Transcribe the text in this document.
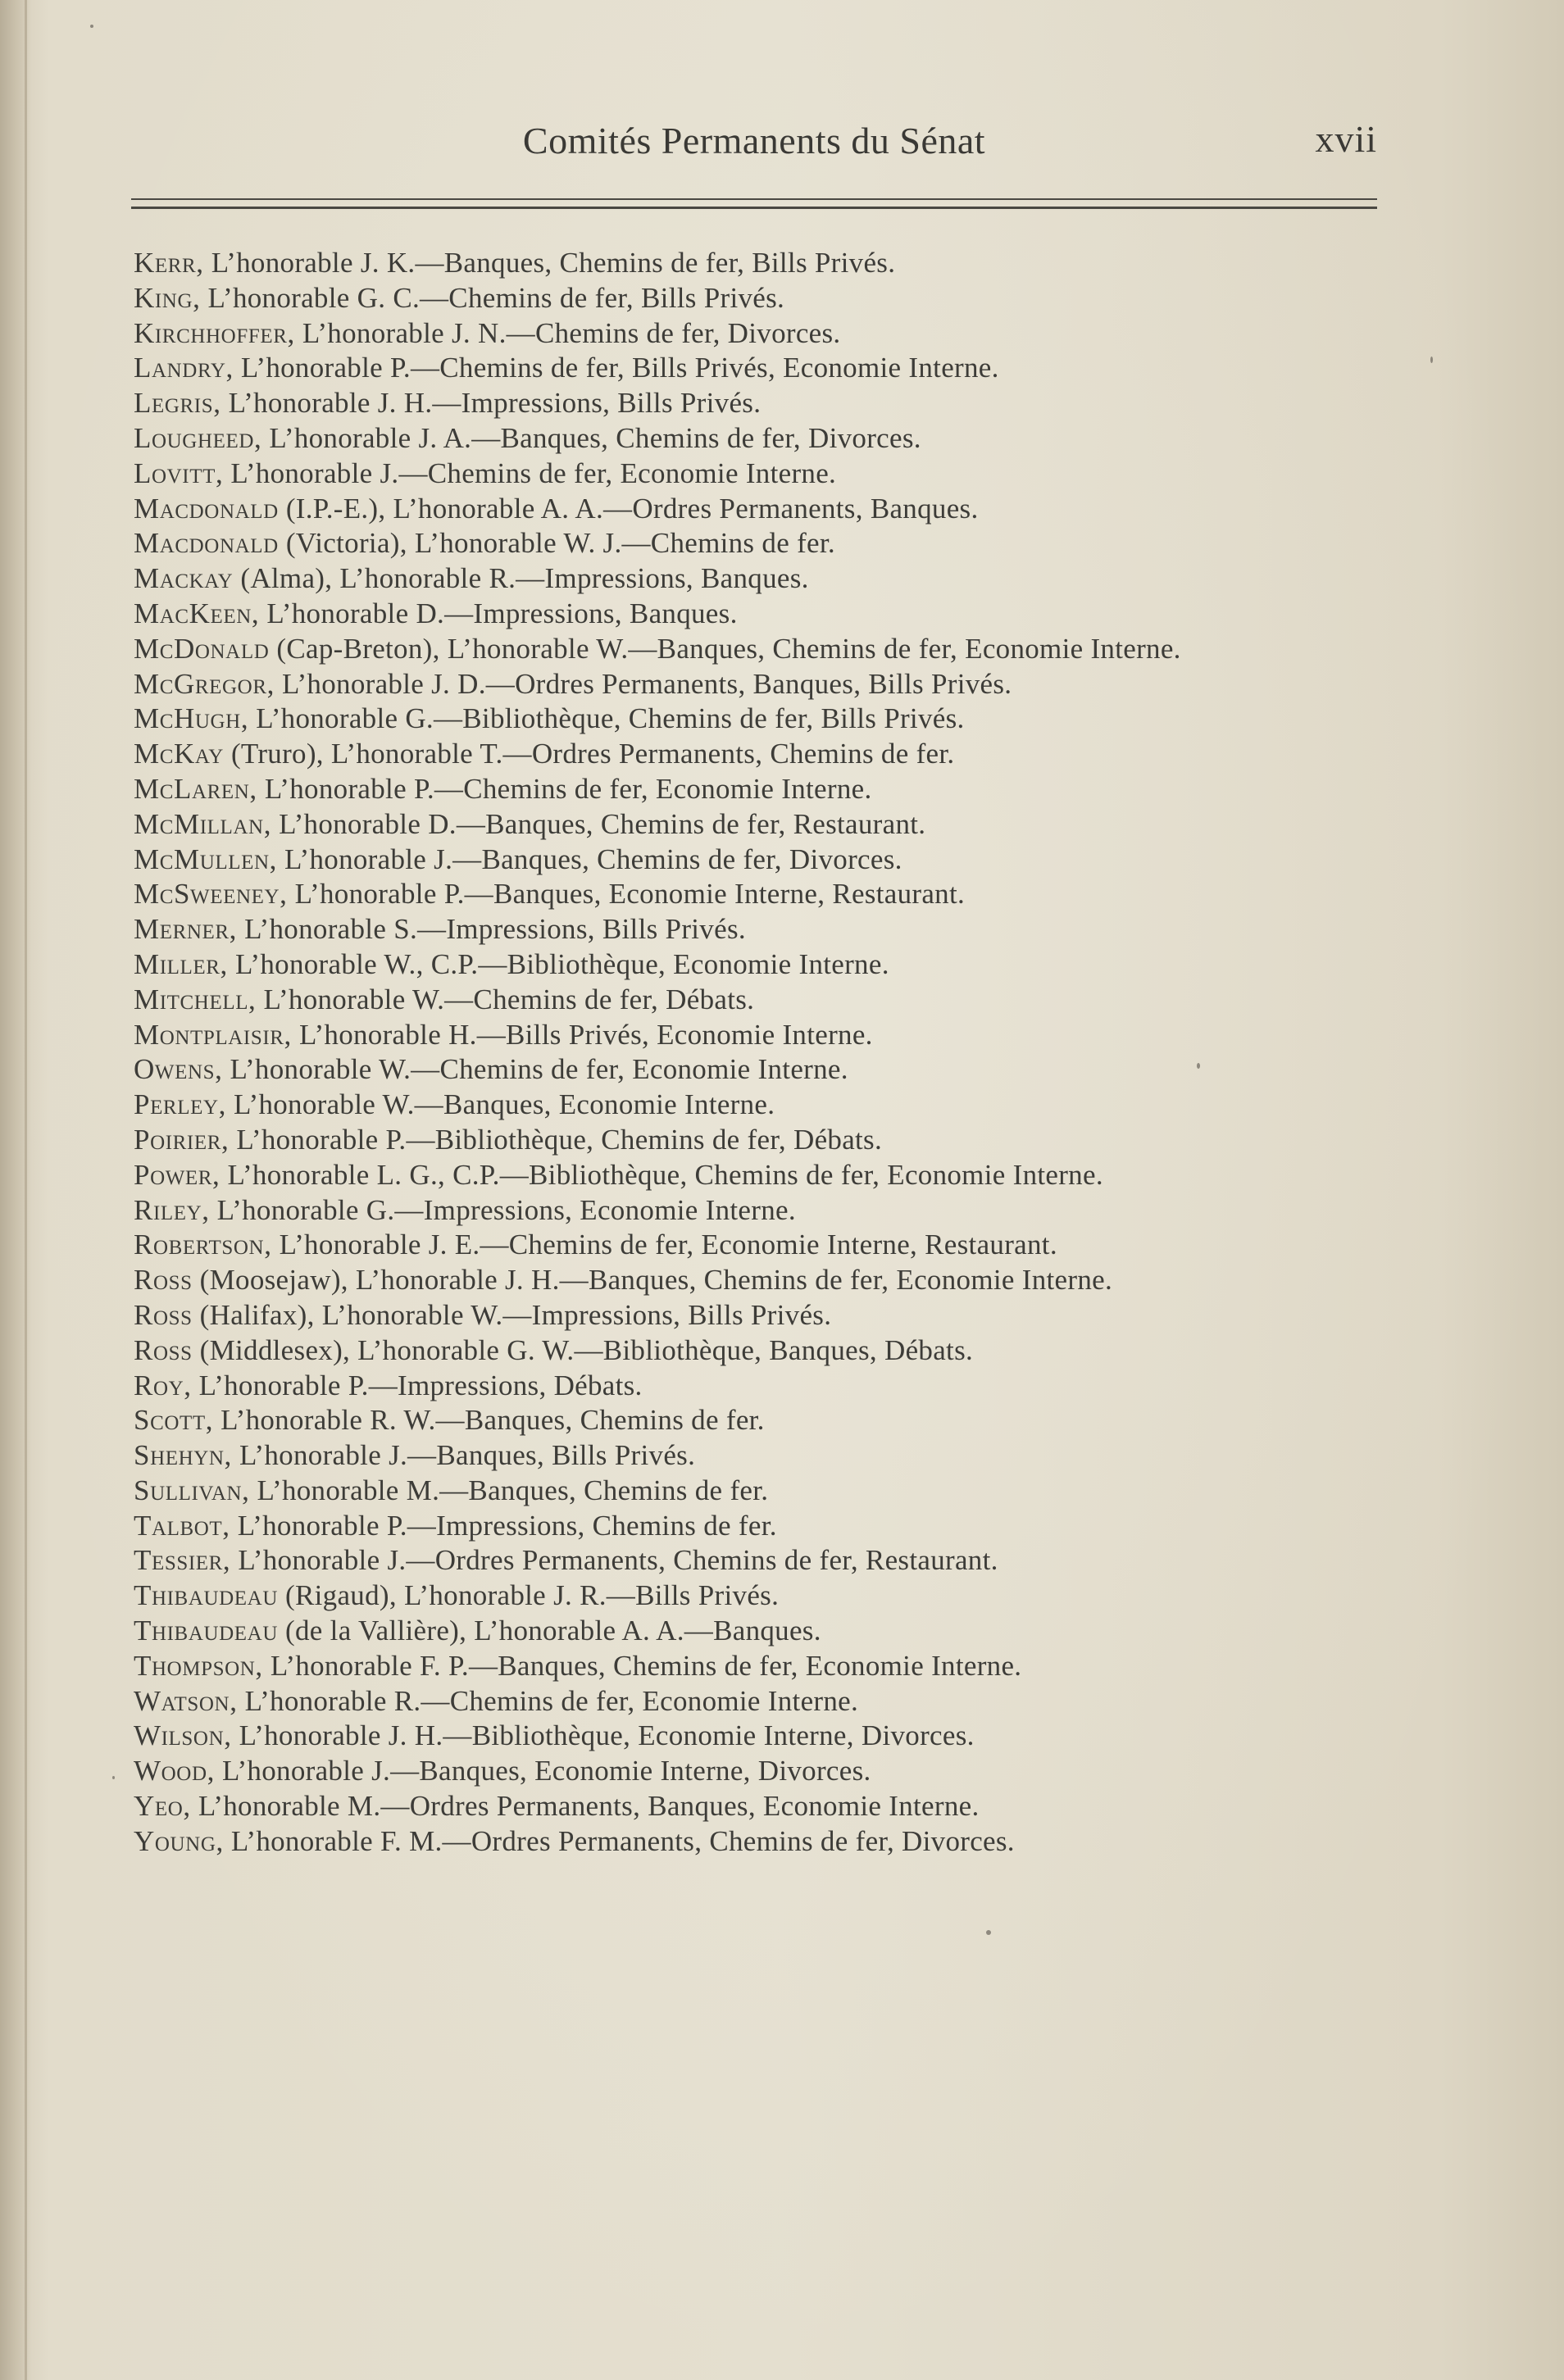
Comités Permanents du Sénat	xvii
Kerr, L’honorable J. K.—Banques, Chemins de fer, Bills Privés.
King, L’honorable G. C.—Chemins de fer, Bills Privés.
Kirchhoffer, L’honorable J. N.—Chemins de fer, Divorces.
Landry, L’honorable P.—Chemins de fer, Bills Privés, Economie Interne.
Legris, L’honorable J. H.—Impressions, Bills Privés.
Lougheed, L’honorable J. A.—Banques, Chemins de fer, Divorces.
Lovitt, L’honorable J.—Chemins de fer, Economie Interne.
Macdonald (I.P.-E.), L’honorable A. A.—Ordres Permanents, Banques.
Macdonald (Victoria), L’honorable W. J.—Chemins de fer.
Mackay (Alma), L’honorable R.—Impressions, Banques.
MacKeen, L’honorable D.—Impressions, Banques.
McDonald (Cap-Breton), L’honorable W.—Banques, Chemins de fer, Economie Interne.
McGregor, L’honorable J. D.—Ordres Permanents, Banques, Bills Privés.
McHugh, L’honorable G.—Bibliothèque, Chemins de fer, Bills Privés.
McKay (Truro), L’honorable T.—Ordres Permanents, Chemins de fer.
McLaren, L’honorable P.—Chemins de fer, Economie Interne.
McMillan, L’honorable D.—Banques, Chemins de fer, Restaurant.
McMullen, L’honorable J.—Banques, Chemins de fer, Divorces.
McSweeney, L’honorable P.—Banques, Economie Interne, Restaurant.
Merner, L’honorable S.—Impressions, Bills Privés.
Miller, L’honorable W., C.P.—Bibliothèque, Economie Interne.
Mitchell, L’honorable W.—Chemins de fer, Débats.
Montplaisir, L’honorable H.—Bills Privés, Economie Interne.
Owens, L’honorable W.—Chemins de fer, Economie Interne.
Perley, L’honorable W.—Banques, Economie Interne.
Poirier, L’honorable P.—Bibliothèque, Chemins de fer, Débats.
Power, L’honorable L. G., C.P.—Bibliothèque, Chemins de fer, Economie Interne.
Riley, L’honorable G.—Impressions, Economie Interne.
Robertson, L’honorable J. E.—Chemins de fer, Economie Interne, Restaurant.
Ross (Moosejaw), L’honorable J. H.—Banques, Chemins de fer, Economie Interne.
Ross (Halifax), L’honorable W.—Impressions, Bills Privés.
Ross (Middlesex), L’honorable G. W.—Bibliothèque, Banques, Débats.
Roy, L’honorable P.—Impressions, Débats.
Scott, L’honorable R. W.—Banques, Chemins de fer.
Shehyn, L’honorable J.—Banques, Bills Privés.
Sullivan, L’honorable M.—Banques, Chemins de fer.
Talbot, L’honorable P.—Impressions, Chemins de fer.
Tessier, L’honorable J.—Ordres Permanents, Chemins de fer, Restaurant.
Thibaudeau (Rigaud), L’honorable J. R.—Bills Privés.
Thibaudeau (de la Vallière), L’honorable A. A.—Banques.
Thompson, L’honorable F. P.—Banques, Chemins de fer, Economie Interne.
Watson, L’honorable R.—Chemins de fer, Economie Interne.
Wilson, L’honorable J. H.—Bibliothèque, Economie Interne, Divorces.
Wood, L’honorable J.—Banques, Economie Interne, Divorces.
Yeo, L’honorable M.—Ordres Permanents, Banques, Economie Interne.
Young, L’honorable F. M.—Ordres Permanents, Chemins de fer, Divorces.
